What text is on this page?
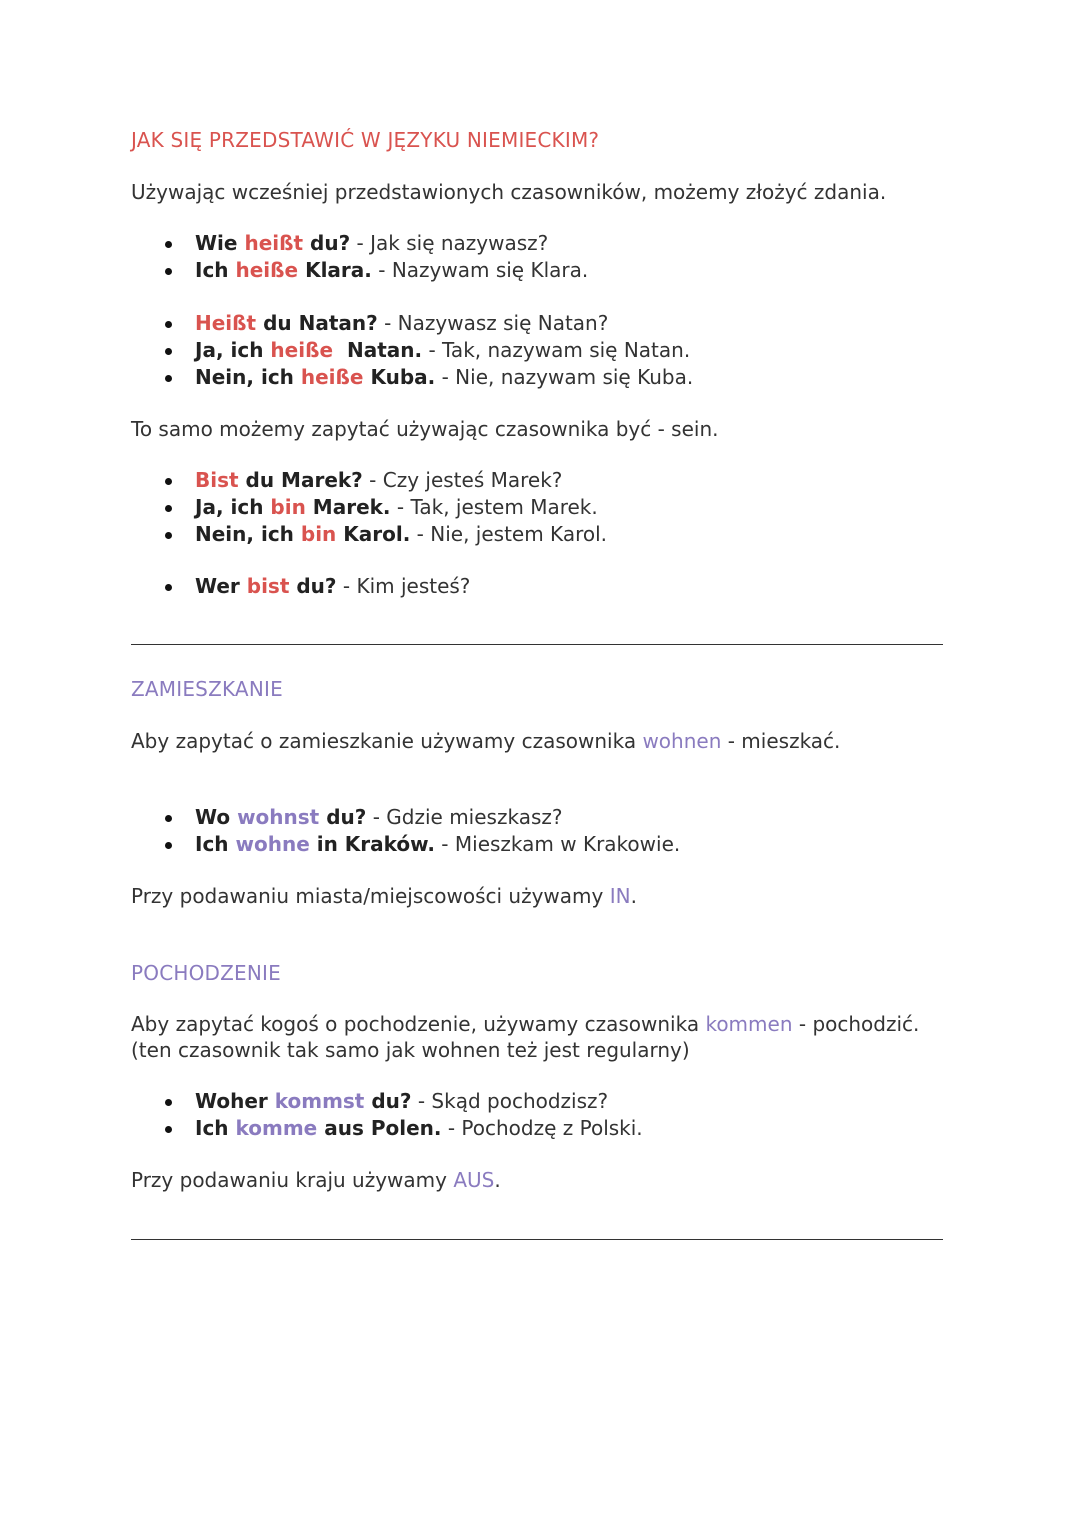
JAK SIĘ PRZEDSTAWIĆ W JĘZYKU NIEMIECKIM?
Używając wcześniej przedstawionych czasowników, możemy złożyć zdania.
Wie heißt du? - Jak się nazywasz?
Ich heiße Klara. - Nazywam się Klara.
Heißt du Natan? - Nazywasz się Natan?
Ja, ich heiße  Natan. - Tak, nazywam się Natan.
Nein, ich heiße Kuba. - Nie, nazywam się Kuba.
To samo możemy zapytać używając czasownika być - sein.
Bist du Marek? - Czy jesteś Marek?
Ja, ich bin Marek. - Tak, jestem Marek.
Nein, ich bin Karol. - Nie, jestem Karol.
Wer bist du? - Kim jesteś?
ZAMIESZKANIE
Aby zapytać o zamieszkanie używamy czasownika wohnen - mieszkać.
Wo wohnst du? - Gdzie mieszkasz?
Ich wohne in Kraków. - Mieszkam w Krakowie.
Przy podawaniu miasta/miejscowości używamy IN.
POCHODZENIE
Aby zapytać kogoś o pochodzenie, używamy czasownika kommen - pochodzić.
(ten czasownik tak samo jak wohnen też jest regularny)
Woher kommst du? - Skąd pochodzisz?
Ich komme aus Polen. - Pochodzę z Polski.
Przy podawaniu kraju używamy AUS.
